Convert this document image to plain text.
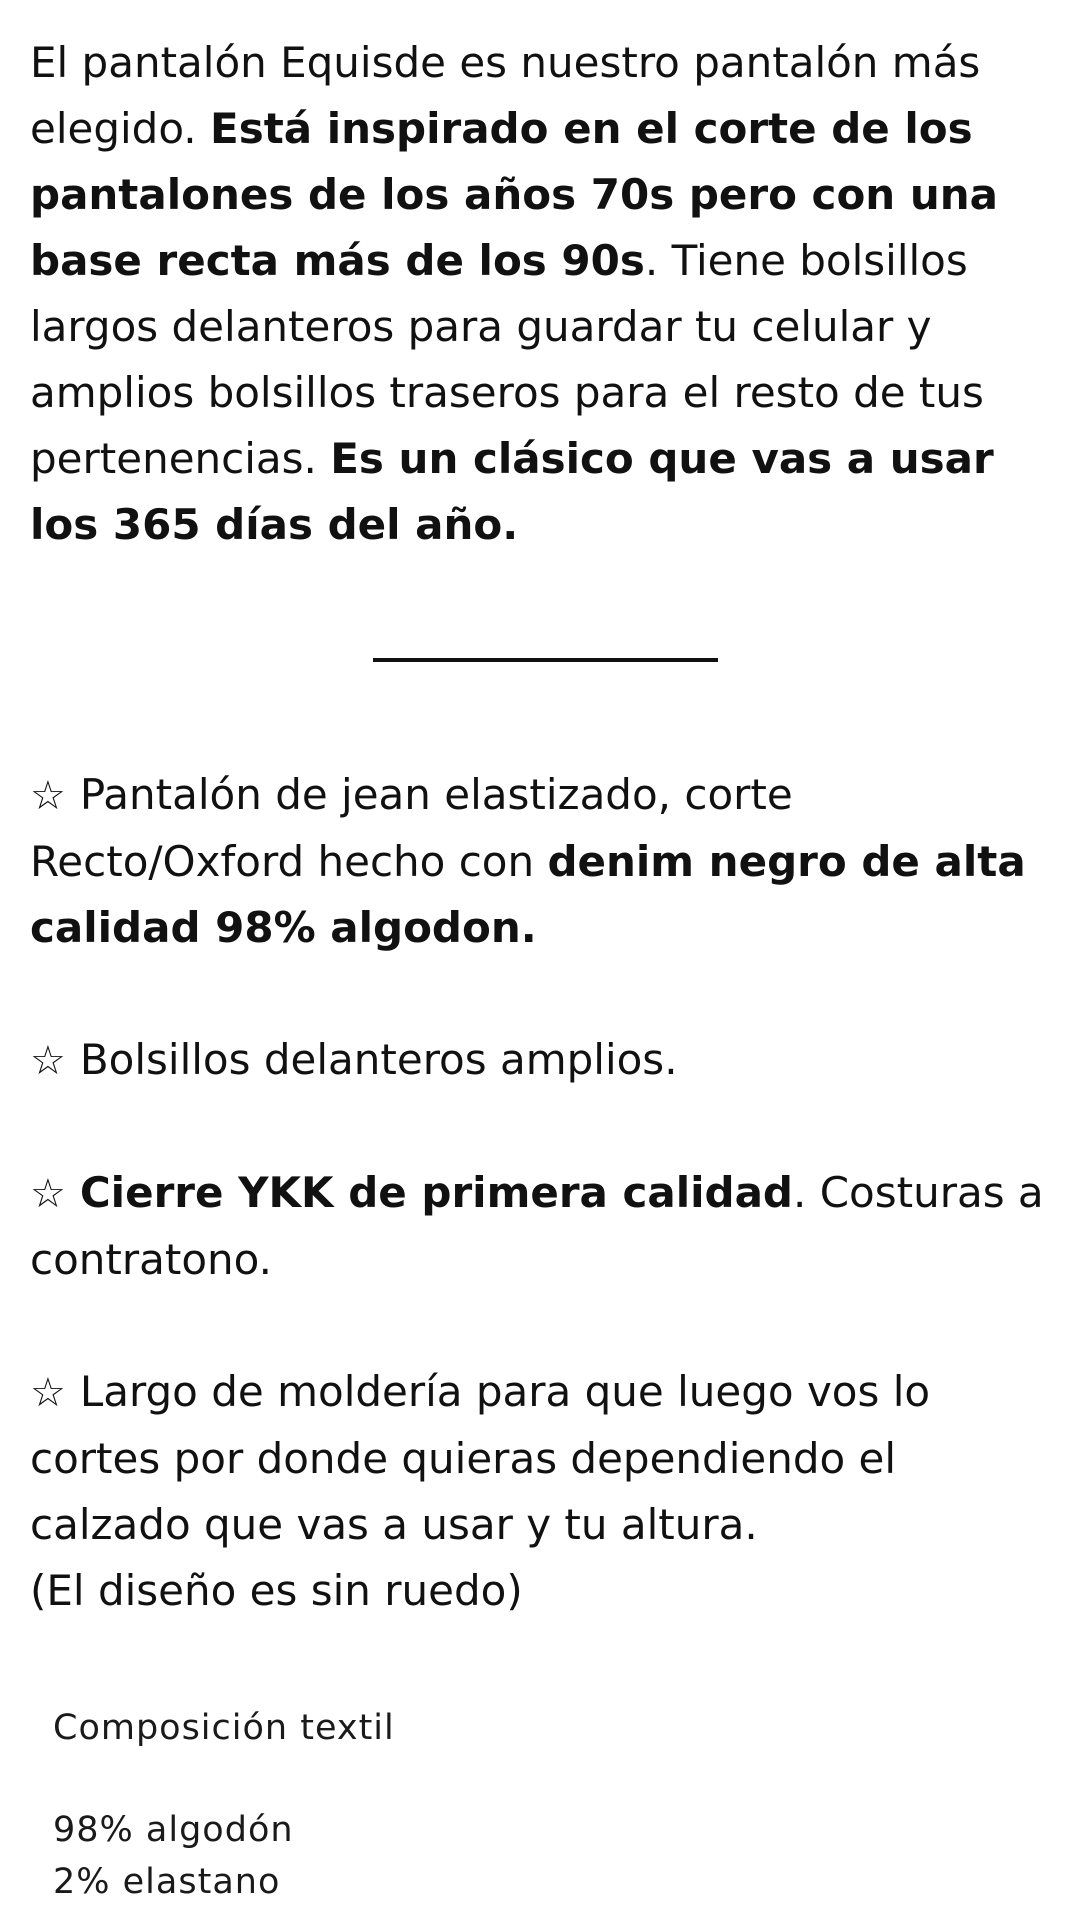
El pantalón Equisde es nuestro pantalón más elegido. Está inspirado en el corte de los pantalones de los años 70s pero con una base recta más de los 90s. Tiene bolsillos largos delanteros para guardar tu celular y amplios bolsillos traseros para el resto de tus pertenencias. Es un clásico que vas a usar los 365 días del año.

☆ Pantalón de jean elastizado, corte Recto/Oxford hecho con denim negro de alta calidad 98% algodon.

☆ Bolsillos delanteros amplios.

☆ Cierre YKK de primera calidad. Costuras a contratono.

☆ Largo de moldería para que luego vos lo cortes por donde quieras dependiendo el calzado que vas a usar y tu altura.
(El diseño es sin ruedo)

Composición textil

98% algodón
2% elastano
